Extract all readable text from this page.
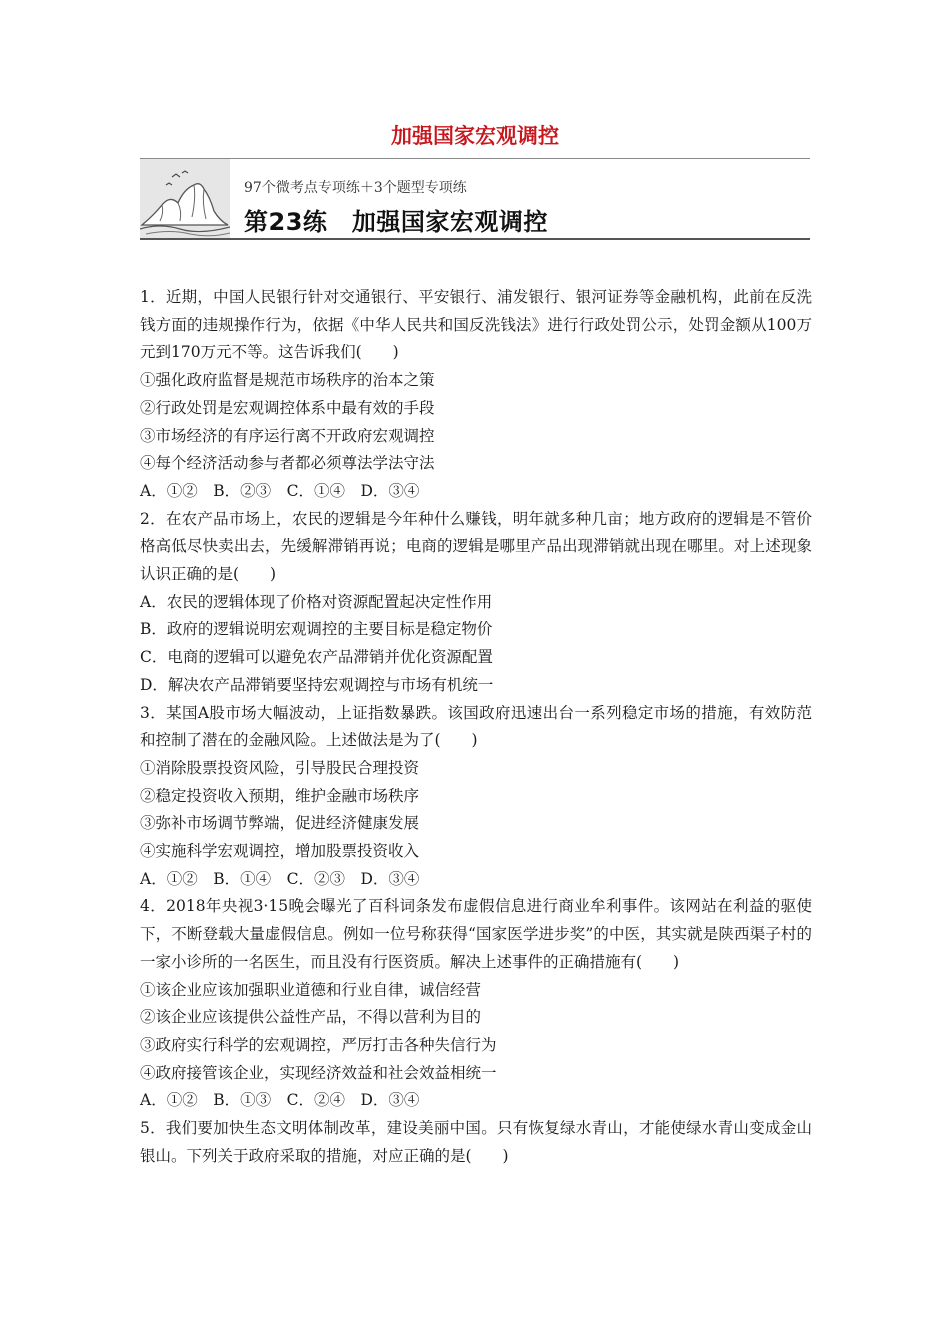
加强国家宏观调控
97个微考点专项练＋3个题型专项练
第23练　加强国家宏观调控

1．近期，中国人民银行针对交通银行、平安银行、浦发银行、银河证券等金融机构，此前在反洗钱方面的违规操作行为，依据《中华人民共和国反洗钱法》进行行政处罚公示，处罚金额从100万元到170万元不等。这告诉我们(　　)

①强化政府监督是规范市场秩序的治本之策

②行政处罚是宏观调控体系中最有效的手段

③市场经济的有序运行离不开政府宏观调控

④每个经济活动参与者都必须尊法学法守法

A．①②　B．②③　C．①④　D．③④

2．在农产品市场上，农民的逻辑是今年种什么赚钱，明年就多种几亩；地方政府的逻辑是不管价格高低尽快卖出去，先缓解滞销再说；电商的逻辑是哪里产品出现滞销就出现在哪里。对上述现象认识正确的是(　　)

A．农民的逻辑体现了价格对资源配置起决定性作用

B．政府的逻辑说明宏观调控的主要目标是稳定物价

C．电商的逻辑可以避免农产品滞销并优化资源配置

D．解决农产品滞销要坚持宏观调控与市场有机统一

3．某国A股市场大幅波动，上证指数暴跌。该国政府迅速出台一系列稳定市场的措施，有效防范和控制了潜在的金融风险。上述做法是为了(　　)

①消除股票投资风险，引导股民合理投资

②稳定投资收入预期，维护金融市场秩序

③弥补市场调节弊端，促进经济健康发展

④实施科学宏观调控，增加股票投资收入

A．①②　B．①④　C．②③　D．③④

4．2018年央视3·15晚会曝光了百科词条发布虚假信息进行商业牟利事件。该网站在利益的驱使下，不断登载大量虚假信息。例如一位号称获得“国家医学进步奖”的中医，其实就是陕西渠子村的一家小诊所的一名医生，而且没有行医资质。解决上述事件的正确措施有(　　)

①该企业应该加强职业道德和行业自律，诚信经营

②该企业应该提供公益性产品，不得以营利为目的

③政府实行科学的宏观调控，严厉打击各种失信行为

④政府接管该企业，实现经济效益和社会效益相统一

A．①②　B．①③　C．②④　D．③④

5．我们要加快生态文明体制改革，建设美丽中国。只有恢复绿水青山，才能使绿水青山变成金山银山。下列关于政府采取的措施，对应正确的是(　　)
